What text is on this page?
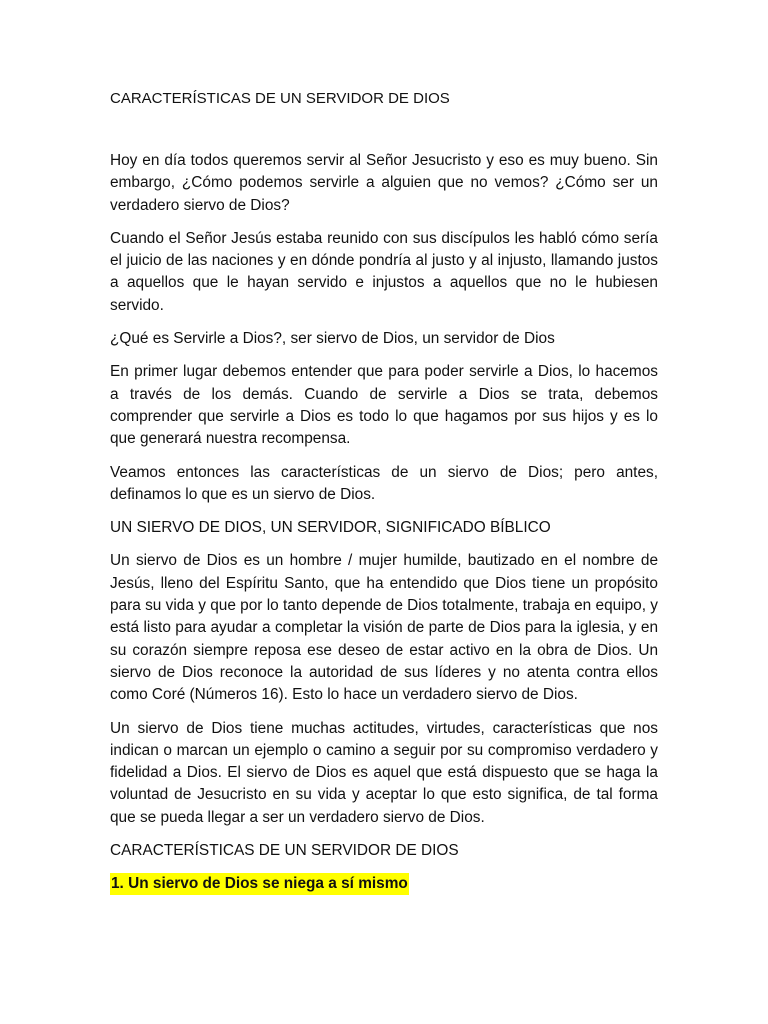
CARACTERÍSTICAS DE UN SERVIDOR DE DIOS

Hoy en día todos queremos servir al Señor Jesucristo y eso es muy bueno. Sin embargo, ¿Cómo podemos servirle a alguien que no vemos? ¿Cómo ser un verdadero siervo de Dios?

Cuando el Señor Jesús estaba reunido con sus discípulos les habló cómo sería el juicio de las naciones y en dónde pondría al justo y al injusto, llamando justos a aquellos que le hayan servido e injustos a aquellos que no le hubiesen servido.

¿Qué es Servirle a Dios?, ser siervo de Dios, un servidor de Dios

En primer lugar debemos entender que para poder servirle a Dios, lo hacemos a través de los demás. Cuando de servirle a Dios se trata, debemos comprender que servirle a Dios es todo lo que hagamos por sus hijos y es lo que generará nuestra recompensa.

Veamos entonces las características de un siervo de Dios; pero antes, definamos lo que es un siervo de Dios.

UN SIERVO DE DIOS, UN SERVIDOR, SIGNIFICADO BÍBLICO

Un siervo de Dios es un hombre / mujer humilde, bautizado en el nombre de Jesús, lleno del Espíritu Santo, que ha entendido que Dios tiene un propósito para su vida y que por lo tanto depende de Dios totalmente, trabaja en equipo, y está listo para ayudar a completar la visión de parte de Dios para la iglesia, y en su corazón siempre reposa ese deseo de estar activo en la obra de Dios. Un siervo de Dios reconoce la autoridad de sus líderes y no atenta contra ellos como Coré (Números 16). Esto lo hace un verdadero siervo de Dios.

Un siervo de Dios tiene muchas actitudes, virtudes, características que nos indican o marcan un ejemplo o camino a seguir por su compromiso verdadero y fidelidad a Dios. El siervo de Dios es aquel que está dispuesto que se haga la voluntad de Jesucristo en su vida y aceptar lo que esto significa, de tal forma que se pueda llegar a ser un verdadero siervo de Dios.

CARACTERÍSTICAS DE UN SERVIDOR DE DIOS

1. Un siervo de Dios se niega a sí mismo
